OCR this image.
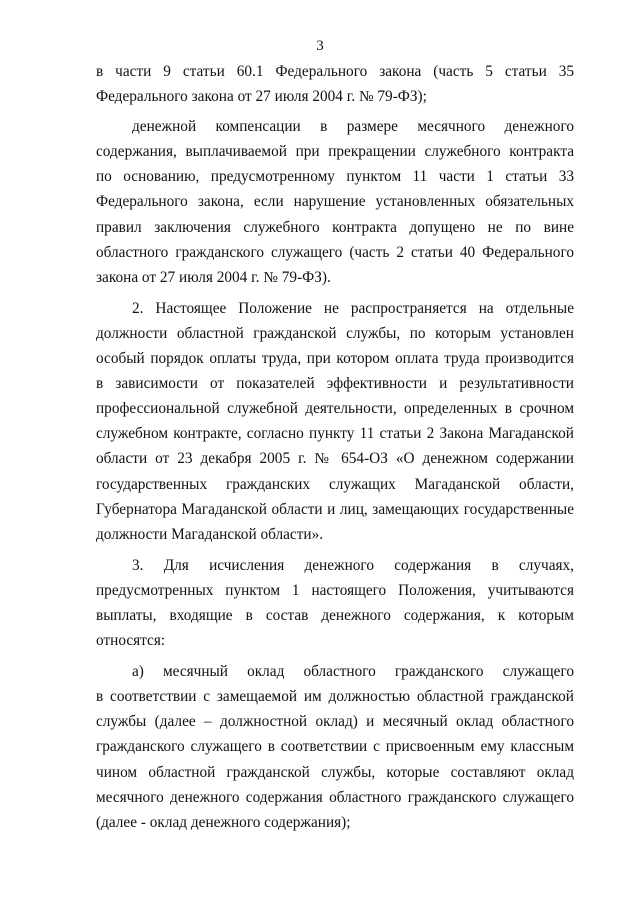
3

в части 9 статьи 60.1 Федерального закона (часть 5 статьи 35
Федерального закона от 27 июля 2004 г. № 79-ФЗ);

денежной компенсации в размере месячного денежного
содержания, выплачиваемой при прекращении служебного контракта
по основанию, предусмотренному пунктом 11 части 1 статьи 33
Федерального закона, если нарушение установленных обязательных
правил заключения служебного контракта допущено не по вине
областного гражданского служащего (часть 2 статьи 40 Федерального
закона от 27 июля 2004 г. № 79-ФЗ).

2. Настоящее Положение не распространяется на отдельные
должности областной гражданской службы, по которым установлен
особый порядок оплаты труда, при котором оплата труда производится
в зависимости от показателей эффективности и результативности
профессиональной служебной деятельности, определенных в срочном
служебном контракте, согласно пункту 11 статьи 2 Закона Магаданской
области от 23 декабря 2005 г. № 654-ОЗ «О денежном содержании
государственных гражданских служащих Магаданской области,
Губернатора Магаданской области и лиц, замещающих государственные
должности Магаданской области».

3. Для исчисления денежного содержания в случаях,
предусмотренных пунктом 1 настоящего Положения, учитываются
выплаты, входящие в состав денежного содержания, к которым
относятся:

а) месячный оклад областного гражданского служащего
в соответствии с замещаемой им должностью областной гражданской
службы (далее – должностной оклад) и месячный оклад областного
гражданского служащего в соответствии с присвоенным ему классным
чином областной гражданской службы, которые составляют оклад
месячного денежного содержания областного гражданского служащего
(далее - оклад денежного содержания);
